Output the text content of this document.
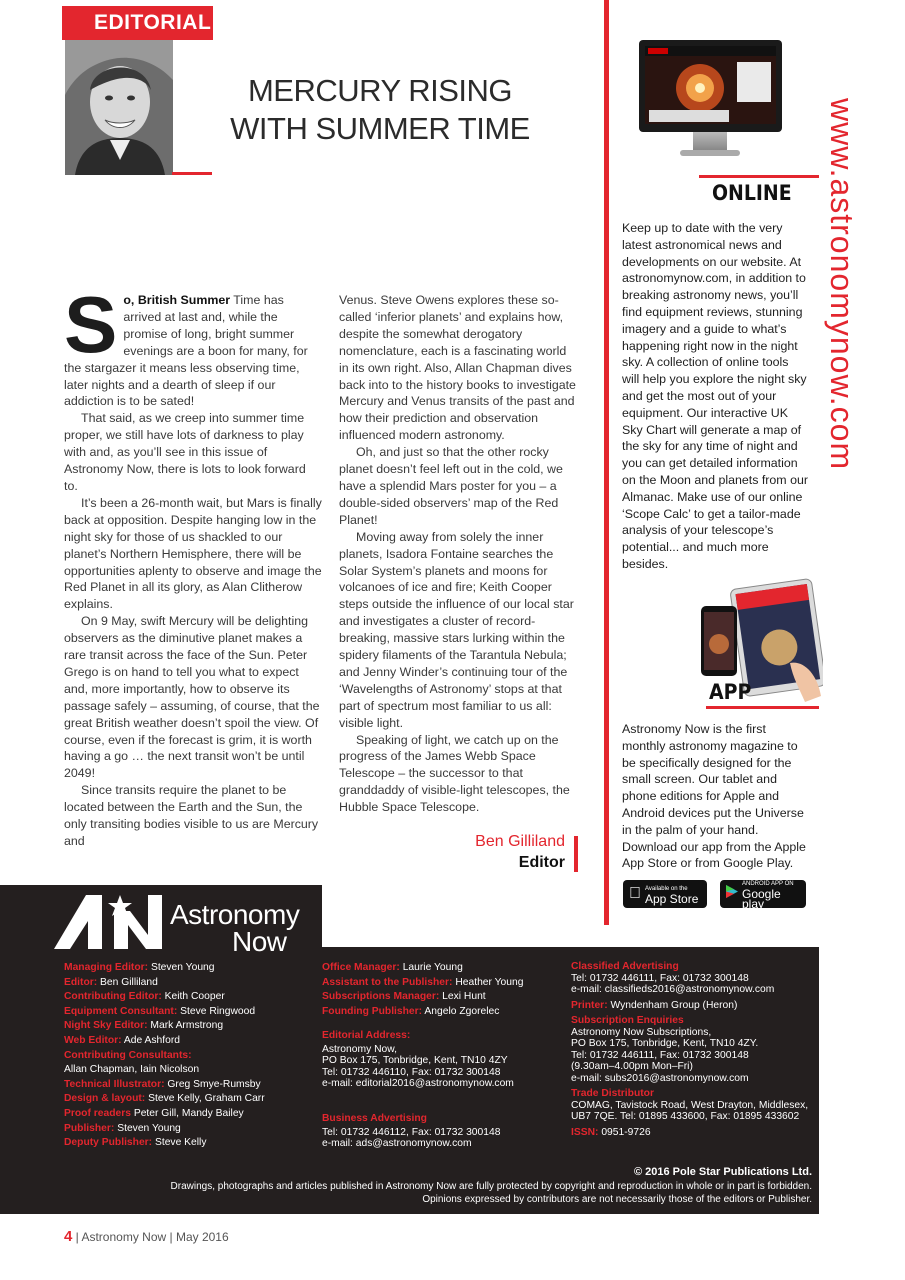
EDITORIAL
MERCURY RISING
WITH SUMMER TIME

So, British Summer Time has arrived at last and, while the promise of long, bright summer evenings are a boon for many, for the stargazer it means less observing time, later nights and a dearth of sleep if our addiction is to be sated!

That said, as we creep into summer time proper, we still have lots of darkness to play with and, as you’ll see in this issue of Astronomy Now, there is lots to look forward to.

It’s been a 26-month wait, but Mars is finally back at opposition. Despite hanging low in the night sky for those of us shackled to our planet’s Northern Hemisphere, there will be opportunities aplenty to observe and image the Red Planet in all its glory, as Alan Clitherow explains.

On 9 May, swift Mercury will be delighting observers as the diminutive planet makes a rare transit across the face of the Sun. Peter Grego is on hand to tell you what to expect and, more importantly, how to observe its passage safely – assuming, of course, that the great British weather doesn’t spoil the view. Of course, even if the forecast is grim, it is worth having a go … the next transit won’t be until 2049!

Since transits require the planet to be located between the Earth and the Sun, the only transiting bodies visible to us are Mercury and

Venus. Steve Owens explores these so-called ‘inferior planets’ and explains how, despite the somewhat derogatory nomenclature, each is a fascinating world in its own right. Also, Allan Chapman dives back into to the history books to investigate Mercury and Venus transits of the past and how their prediction and observation influenced modern astronomy.

Oh, and just so that the other rocky planet doesn’t feel left out in the cold, we have a splendid Mars poster for you – a double-sided observers’ map of the Red Planet!

Moving away from solely the inner planets, Isadora Fontaine searches the Solar System’s planets and moons for volcanoes of ice and fire; Keith Cooper steps outside the influence of our local star and investigates a cluster of record-breaking, massive stars lurking within the spidery filaments of the Tarantula Nebula; and Jenny Winder’s continuing tour of the ‘Wavelengths of Astronomy’ stops at that part of spectrum most familiar to us all: visible light.

Speaking of light, we catch up on the progress of the James Webb Space Telescope – the successor to that granddaddy of visible-light telescopes, the Hubble Space Telescope.

Ben Gilliland
Editor
www.astronomynow.com
ONLINE
Keep up to date with the very latest astronomical news and developments on our website. At astronomynow.com, in addition to breaking astronomy news, you’ll find equipment reviews, stunning imagery and a guide to what’s happening right now in the night sky. A collection of online tools will help you explore the night sky and get the most out of your equipment. Our interactive UK Sky Chart will generate a map of the sky for any time of night and you can get detailed information on the Moon and planets from our Almanac. Make use of our online ‘Scope Calc’ to get a tailor-made analysis of your telescope’s potential... and much more besides.
APP
Astronomy Now is the first monthly astronomy magazine to be specifically designed for the small screen. Our tablet and phone editions for Apple and Android devices put the Universe in the palm of your hand. Download our app from the Apple App Store or from Google Play.
Available on the
App Store
ANDROID APP ON
Google play
Astronomy
Now
Managing Editor: Steven Young
Editor: Ben Gilliland
Contributing Editor: Keith Cooper
Equipment Consultant: Steve Ringwood
Night Sky Editor: Mark Armstrong
Web Editor: Ade Ashford
Contributing Consultants:
Allan Chapman, Iain Nicolson
Technical Illustrator: Greg Smye-Rumsby
Design & layout: Steve Kelly, Graham Carr
Proof readers Peter Gill, Mandy Bailey
Publisher: Steven Young
Deputy Publisher: Steve Kelly
Office Manager: Laurie Young
Assistant to the Publisher: Heather Young
Subscriptions Manager: Lexi Hunt
Founding Publisher: Angelo Zgorelec
Editorial Address:
Astronomy Now,
PO Box 175, Tonbridge, Kent, TN10 4ZY
Tel: 01732 446110, Fax: 01732 300148
e-mail: editorial2016@astronomynow.com
Business Advertising
Tel: 01732 446112, Fax: 01732 300148
e-mail: ads@astronomynow.com
Classified Advertising
Tel: 01732 446111, Fax: 01732 300148
e-mail: classifieds2016@astronomynow.com
Printer: Wyndenham Group (Heron)
Subscription Enquiries
Astronomy Now Subscriptions,
PO Box 175, Tonbridge, Kent, TN10 4ZY.
Tel: 01732 446111, Fax: 01732 300148
(9.30am–4.00pm Mon–Fri)
e-mail: subs2016@astronomynow.com
Trade Distributor
COMAG, Tavistock Road, West Drayton, Middlesex,
UB7 7QE. Tel: 01895 433600, Fax: 01895 433602
ISSN: 0951-9726
© 2016 Pole Star Publications Ltd.
Drawings, photographs and articles published in Astronomy Now are fully protected by copyright and reproduction in whole or in part is forbidden.
Opinions expressed by contributors are not necessarily those of the editors or Publisher.
4 | Astronomy Now | May 2016
